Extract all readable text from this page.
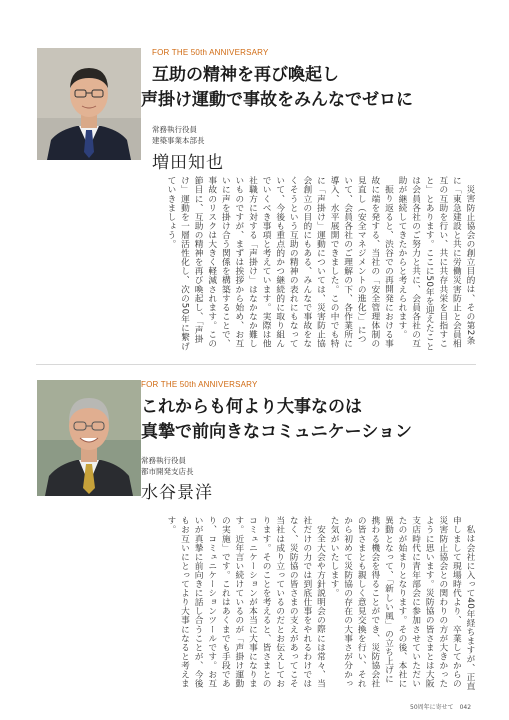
FOR THE 50th ANNIVERSARY
互助の精神を再び喚起し
声掛け運動で事故をみんなでゼロに
常務執行役員
建築事業本部長
増田知也

災害防止協会の創立目的は、その第2条に「東急建設と共に労働災害防止と会員相互の互助を行い、共に共存共栄を目指すこと」とあります。ここに50年を迎えたことは会員各社のご努力と共に、会員各社の互助が継続してきたからと考えられます。

振り返ると、渋谷での再開発における事故に端を発する、当社の「安全管理体制の見直し（安全マネジメントの進化）」について、会員各社のご理解の下、各作業所に導入、水平展開できました。この中でも特に「声掛け」運動については、災害防止協会創立の目的にもある、みんなで事故をなくそうという互助の精神の表れにもなっていて、今後も重点的かつ継続的に取り組んでいくべき事項と考えています。実際は他社職方に対する「声掛け」はなかなか難しいものですが、まずは挨拶から始め、お互いに声を掛け合う関係を構築することで、事故のリスクは大きく軽減されます。この節目に、互助の精神を再び喚起し、「声掛け」運動を一層活性化し、次の50年に繋げていきましょう。

FOR THE 50th ANNIVERSARY
これからも何より大事なのは
真摯で前向きなコミュニケーション
常務執行役員
都市開発支店長
水谷景洋

私は会社に入って40年経ちますが、正直申しまして現場時代より、卒業してからの災害防止協会との関わりの方が大きかったように思います。災防協の皆さまとは大阪支店時代に青年部会に参加させていただいたのが始まりとなります。その後、本社に異動となって、「新しい風」の立ち上げに携わる機会を得ることができ、災防協会社の皆さまとも親しく意見交換を行い、それから初めて災防協の存在の大事さが分かった気がいたします。

安全大会や方針説明会の際には常々、当社だけの力では到底仕事をやれるわけではなく、災防協の皆さまの支えがあってこそ当社は成り立っているのだとお伝えしております。そのことを考えると、皆さまとのコミュニケーションが本当に大事になります。近年言い続けているのが「声掛け運動の実施」です。これはあくまでも手段であり、コミュニケーションツールです。お互いが真摯に前向きに話し合うことが、今後もお互いにとってより大事になると考えます。

50周年に寄せて 042
